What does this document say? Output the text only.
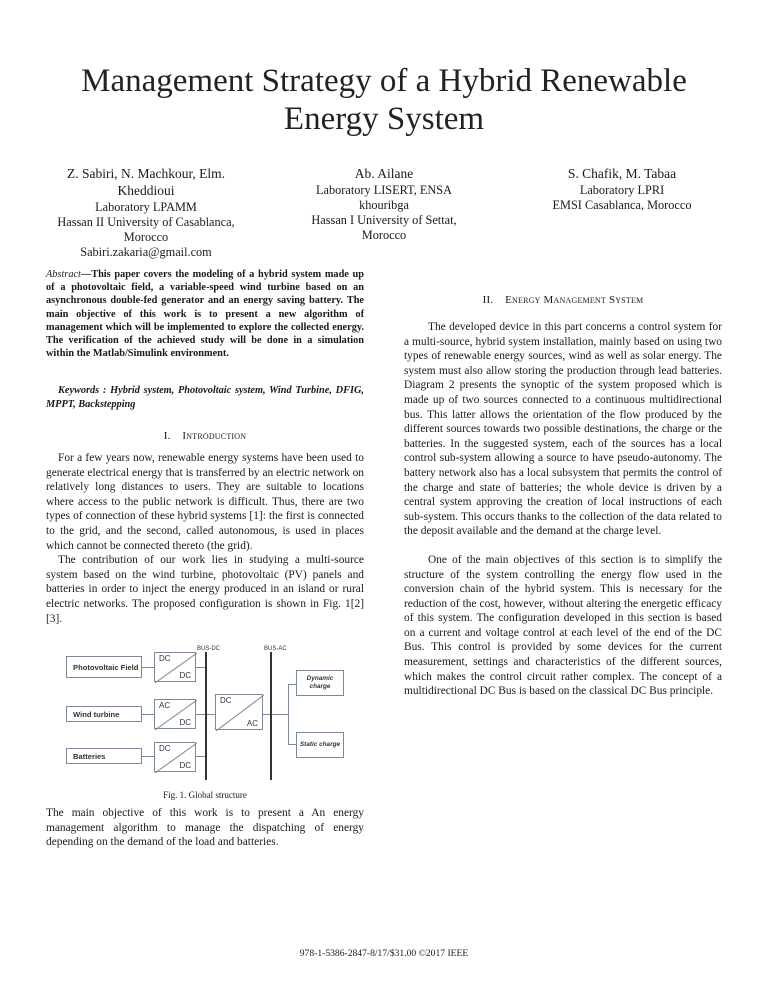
Management Strategy of a Hybrid Renewable Energy System
Z. Sabiri, N. Machkour, Elm. Kheddioui
Laboratory LPAMM
Hassan II University of Casablanca, Morocco
Sabiri.zakaria@gmail.com
Ab. Ailane
Laboratory LISERT, ENSA khouribga
Hassan I University of Settat, Morocco
S. Chafik, M. Tabaa
Laboratory LPRI
EMSI Casablanca, Morocco

Abstract—This paper covers the modeling of a hybrid system made up of a photovoltaic field, a variable-speed wind turbine based on an asynchronous double-fed generator and an energy saving battery. The main objective of this work is to present a new algorithm of management which will be implemented to explore the collected energy. The verification of the achieved study will be done in a simulation within the Matlab/Simulink environment.

Keywords : Hybrid system, Photovoltaic system, Wind Turbine, DFIG, MPPT, Backstepping

I. Introduction

For a few years now, renewable energy systems have been used to generate electrical energy that is transferred by an electric network on relatively long distances to users. They are suitable to locations where access to the public network is difficult. Thus, there are two types of connection of these hybrid systems [1]: the first is connected to the grid, and the second, called autonomous, is used in places which cannot be connected thereto (the grid).

The contribution of our work lies in studying a multi-source system based on the wind turbine, photovoltaic (PV) panels and batteries in order to inject the energy produced in an island or rural electric networks. The proposed configuration is shown in Fig. 1[2][3].

BUS-DC	BUS-AC
Photovoltaic Field
Wind turbine
Batteries
DC
DC
AC
DC
DC
DC
DC
AC
Dynamic charge
Static charge
Fig. 1. Global structure

The main objective of this work is to present a An energy management algorithm to manage the dispatching of energy depending on the demand of the load and batteries.

II. Energy Management System

The developed device in this part concerns a control system for a multi-source, hybrid system installation, mainly based on using two types of renewable energy sources, wind as well as solar energy. The system must also allow storing the production through lead batteries. Diagram 2 presents the synoptic of the system proposed which is made up of two sources connected to a continuous multidirectional bus. This latter allows the orientation of the flow produced by the different sources towards two possible destinations, the charge or the batteries. In the suggested system, each of the sources has a local control sub-system allowing a source to have pseudo-autonomy. The battery network also has a local subsystem that permits the control of the charge and state of batteries; the whole device is driven by a central system approving the creation of local instructions of each sub-system. This occurs thanks to the collection of the data related to the deposit available and the demand at the charge level.

One of the main objectives of this section is to simplify the structure of the system controlling the energy flow used in the conversion chain of the hybrid system. This is necessary for the reduction of the cost, however, without altering the energetic efficacy of this system. The configuration developed in this section is based on a current and voltage control at each level of the end of the DC Bus. This control is provided by some devices for the current measurement, settings and characteristics of the different sources, which makes the control circuit rather complex. The concept of a multidirectional DC Bus is based on the classical DC Bus principle.

978-1-5386-2847-8/17/$31.00 ©2017 IEEE
